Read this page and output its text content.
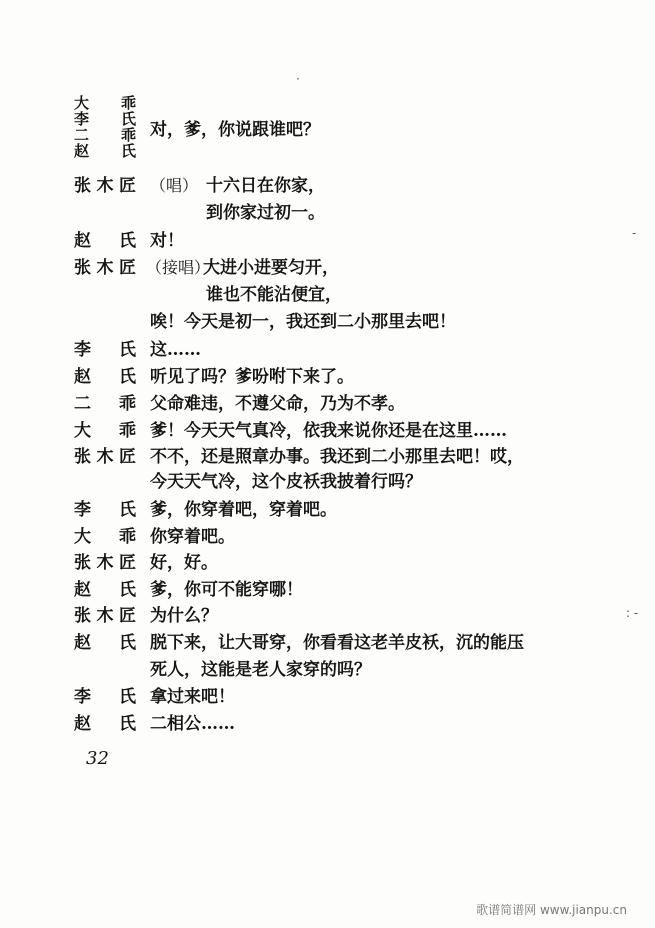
大　乖
李　氏
二　乖
赵　氏
对，爹，你说跟谁吧？
张木匠 （唱） 十六日在你家，
到你家过初一。
赵　氏 对！
张木匠 （接唱）
大进小进要匀开，
谁也不能沾便宜，
唉！今天是初一，我还到二小那里去吧！
李　氏 这……
赵　氏 听见了吗？爹吩咐下来了。
二　乖 父命难违，不遵父命，乃为不孝。
大　乖 爹！今天天气真冷，依我来说你还是在这里……
张木匠 不不，还是照章办事。我还到二小那里去吧！哎，
今天天气冷，这个皮袄我披着行吗？
李　氏 爹，你穿着吧，穿着吧。
大　乖 你穿着吧。
张木匠 好，好。
赵　氏 爹，你可不能穿哪！
张木匠 为什么？
赵　氏 脱下来，让大哥穿，你看看这老羊皮袄，沉的能压
死人，这能是老人家穿的吗？
李　氏 拿过来吧！
赵　氏 二相公……
32
·
-
: -
歌谱简谱网 www.jianpu.cn
